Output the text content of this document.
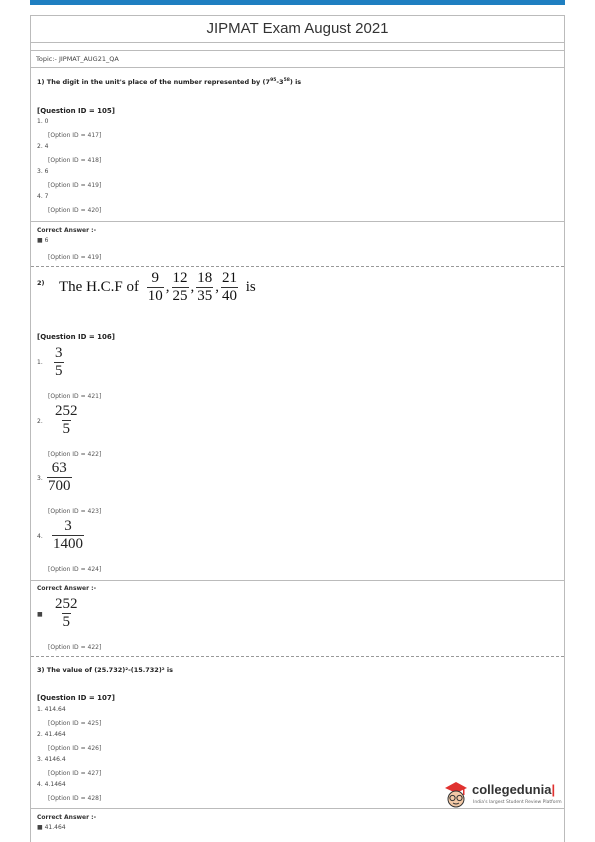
JIPMAT Exam August 2021
Topic:- JIPMAT_AUG21_QA
1) The digit in the unit's place of the number represented by $(7^{95}-3^{58})$ is
[Question ID = 105]
1. 0
[Option ID = 417]
2. 4
[Option ID = 418]
3. 6
[Option ID = 419]
4. 7
[Option ID = 420]
Correct Answer :-
■ 6
[Option ID = 419]
2) The H.C.F of
$\frac{9}{10}$ , $\frac{12}{25}$ , $\frac{18}{35}$ , $\frac{21}{40}$
is
[Question ID = 106]
1. $\frac{3}{5}$
[Option ID = 421]
2. $\frac{252}{5}$
[Option ID = 422]
3. $\frac{63}{700}$
[Option ID = 423]
4. $\frac{3}{1400}$
[Option ID = 424]
Correct Answer :-
■ $\frac{252}{5}$
[Option ID = 422]
3) The value of (25.732)²-(15.732)² is
[Question ID = 107]
1. 414.64
[Option ID = 425]
2. 41.464
[Option ID = 426]
3. 4146.4
[Option ID = 427]
4. 4.1464
[Option ID = 428]
Correct Answer :-
■ 41.464
collegedunia|
India's largest Student Review Platform
